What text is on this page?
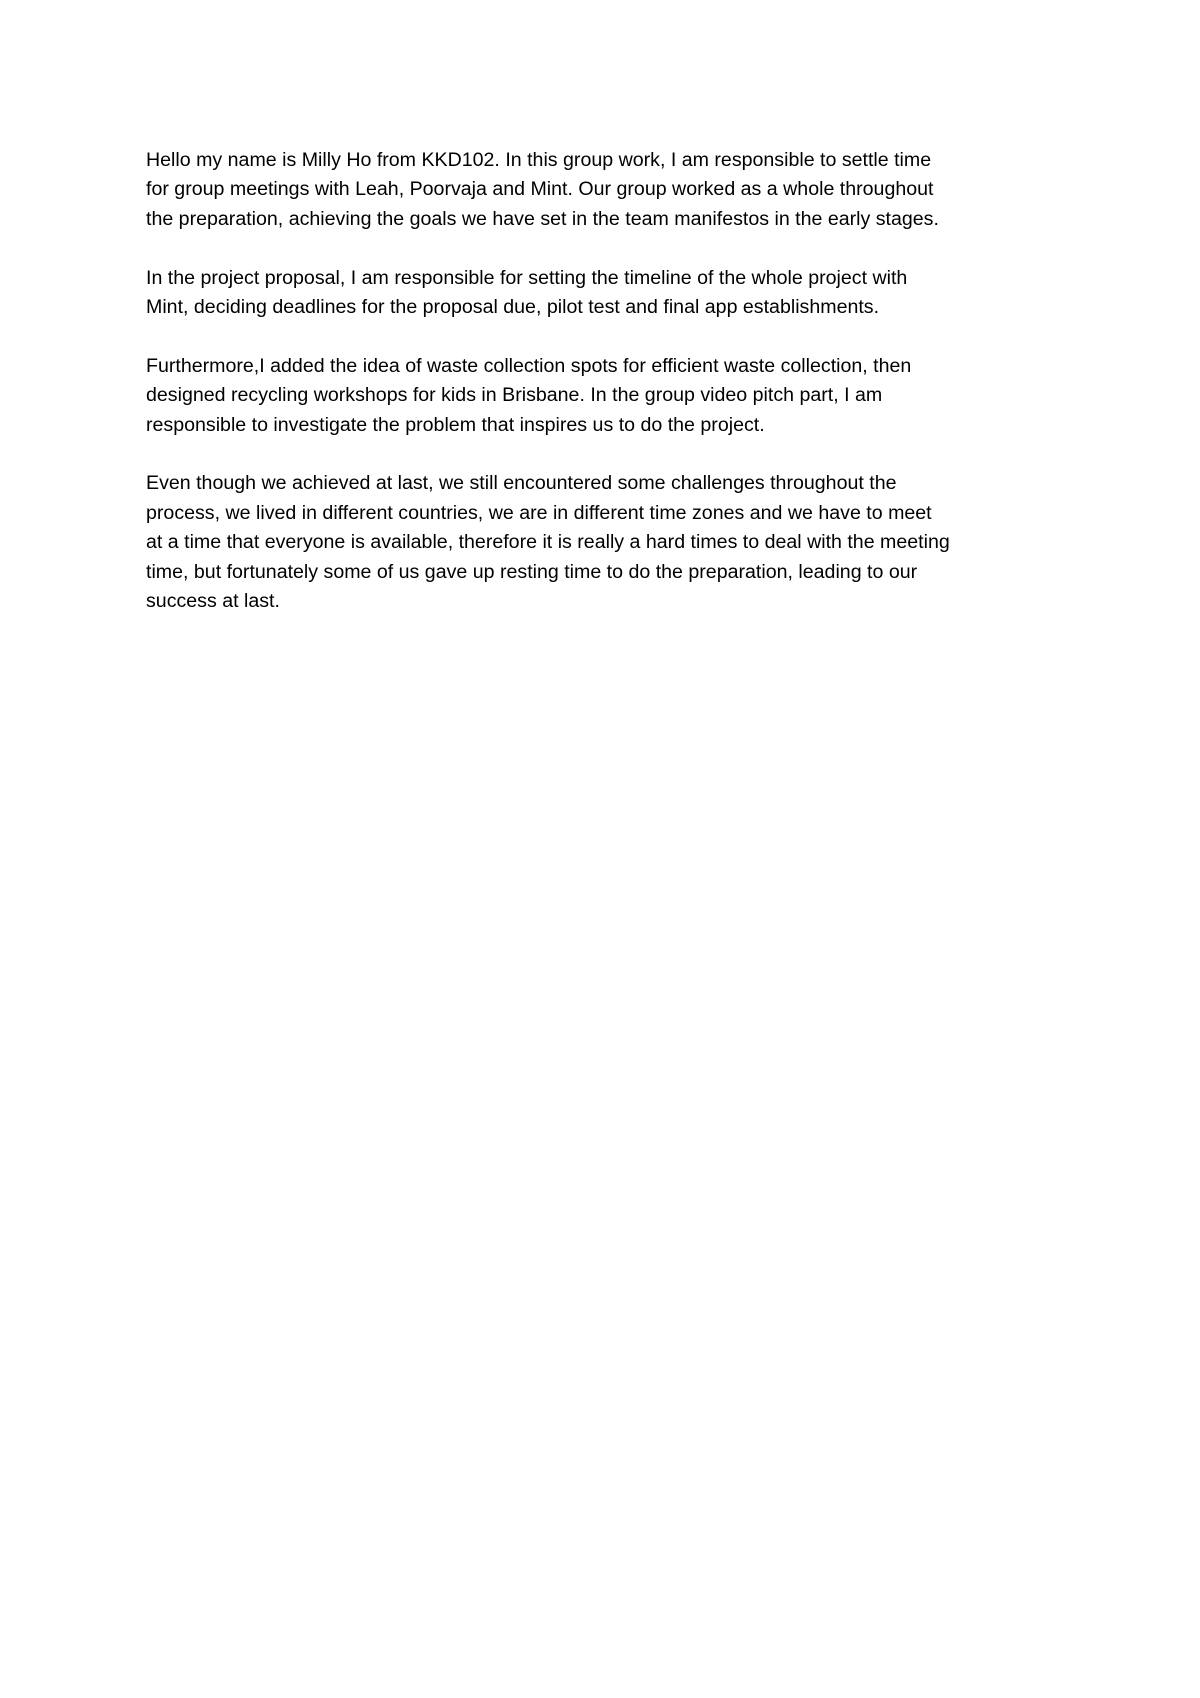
Hello my name is Milly Ho from KKD102. In this group work, I am responsible to settle time
for group meetings with Leah, Poorvaja and Mint. Our group worked as a whole throughout
the preparation, achieving the goals we have set in the team manifestos in the early stages.

In the project proposal, I am responsible for setting the timeline of the whole project with
Mint, deciding deadlines for the proposal due, pilot test and final app establishments.

Furthermore,I added the idea of waste collection spots for efficient waste collection, then
designed recycling workshops for kids in Brisbane. In the group video pitch part, I am
responsible to investigate the problem that inspires us to do the project.

Even though we achieved at last, we still encountered some challenges throughout the
process, we lived in different countries, we are in different time zones and we have to meet
at a time that everyone is available, therefore it is really a hard times to deal with the meeting
time, but fortunately some of us gave up resting time to do the preparation, leading to our
success at last.
